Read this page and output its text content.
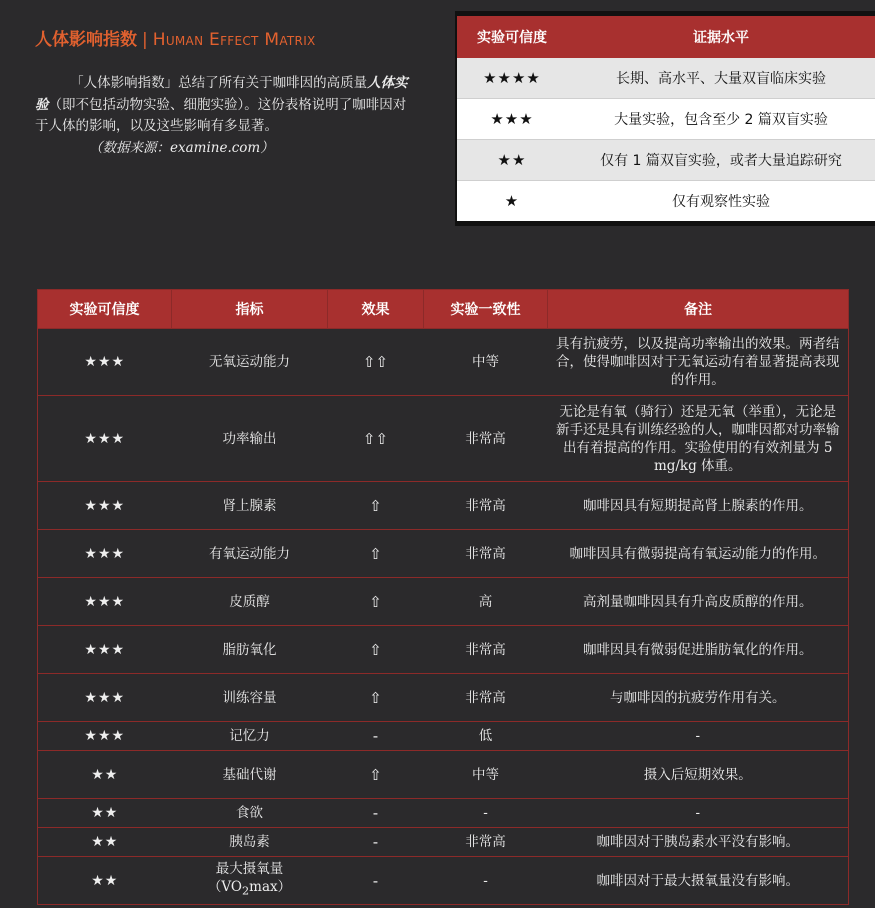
人体影响指数 | Human Effect Matrix

「人体影响指数」总结了所有关于咖啡因的高质量人体实验（即不包括动物实验、细胞实验）。这份表格说明了咖啡因对于人体的影响，以及这些影响有多显著。
（数据来源：examine.com）

实验可信度	证据水平
★★★★	长期、高水平、大量双盲临床实验
★★★	大量实验，包含至少 2 篇双盲实验
★★	仅有 1 篇双盲实验，或者大量追踪研究
★	仅有观察性实验
实验可信度	指标	效果	实验一致性	备注
★★★	无氧运动能力	⇧⇧	中等	具有抗疲劳，以及提高功率输出的效果。两者结合，使得咖啡因对于无氧运动有着显著提高表现的作用。
★★★	功率输出	⇧⇧	非常高	无论是有氧（骑行）还是无氧（举重），无论是新手还是具有训练经验的人，咖啡因都对功率输出有着提高的作用。实验使用的有效剂量为 5 mg/kg 体重。
★★★	肾上腺素	⇧	非常高	咖啡因具有短期提高肾上腺素的作用。
★★★	有氧运动能力	⇧	非常高	咖啡因具有微弱提高有氧运动能力的作用。
★★★	皮质醇	⇧	高	高剂量咖啡因具有升高皮质醇的作用。
★★★	脂肪氧化	⇧	非常高	咖啡因具有微弱促进脂肪氧化的作用。
★★★	训练容量	⇧	非常高	与咖啡因的抗疲劳作用有关。
★★★	记忆力	-	低	-
★★	基础代谢	⇧	中等	摄入后短期效果。
★★	食欲	-	-	-
★★	胰岛素	-	非常高	咖啡因对于胰岛素水平没有影响。
★★	最大摄氧量
$(VO_2\max)$	-	-	咖啡因对于最大摄氧量没有影响。
